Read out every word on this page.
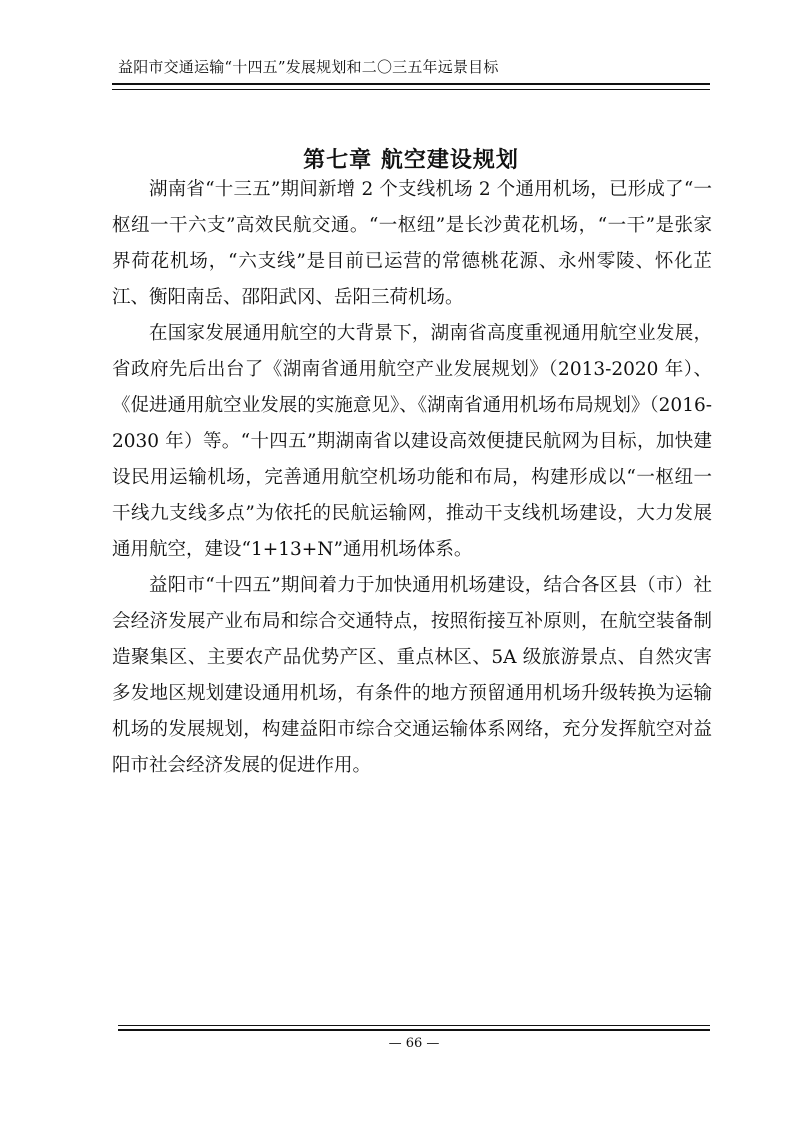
益阳市交通运输“十四五”发展规划和二〇三五年远景目标
第七章 航空建设规划

湖南省“十三五”期间新增 2 个支线机场 2 个通用机场，已形成了“一枢纽一干六支”高效民航交通。“一枢纽”是长沙黄花机场，“一干”是张家界荷花机场，“六支线”是目前已运营的常德桃花源、永州零陵、怀化芷江、衡阳南岳、邵阳武冈、岳阳三荷机场。

在国家发展通用航空的大背景下，湖南省高度重视通用航空业发展，省政府先后出台了《湖南省通用航空产业发展规划》（2013-2020 年）、《促进通用航空业发展的实施意见》、《湖南省通用机场布局规划》（2016-2030 年）等。“十四五”期湖南省以建设高效便捷民航网为目标，加快建设民用运输机场，完善通用航空机场功能和布局，构建形成以“一枢纽一干线九支线多点”为依托的民航运输网，推动干支线机场建设，大力发展通用航空，建设“1+13+N”通用机场体系。

益阳市“十四五”期间着力于加快通用机场建设，结合各区县（市）社会经济发展产业布局和综合交通特点，按照衔接互补原则，在航空装备制造聚集区、主要农产品优势产区、重点林区、5A 级旅游景点、自然灾害多发地区规划建设通用机场，有条件的地方预留通用机场升级转换为运输机场的发展规划，构建益阳市综合交通运输体系网络，充分发挥航空对益阳市社会经济发展的促进作用。

— 66 —
